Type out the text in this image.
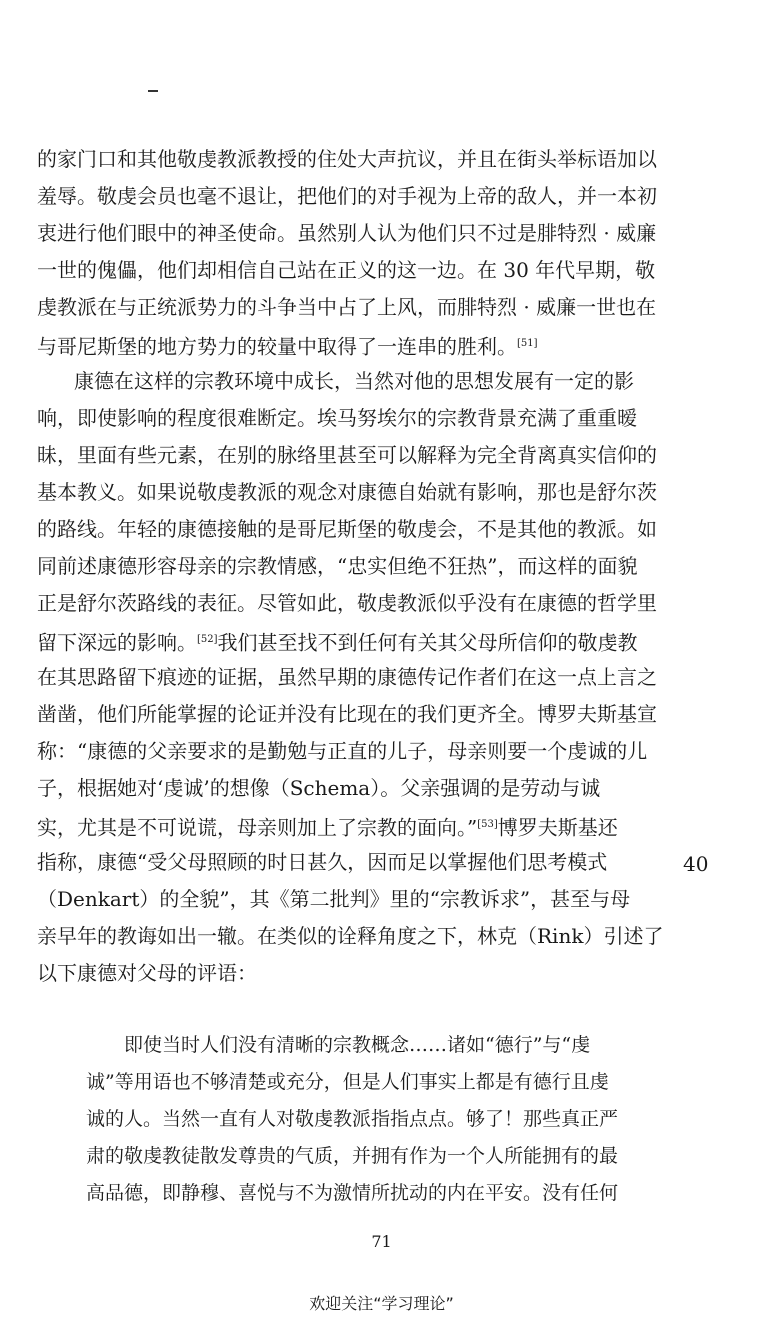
的家门口和其他敬虔教派教授的住处大声抗议，并且在街头举标语加以
羞辱。敬虔会员也毫不退让，把他们的对手视为上帝的敌人，并一本初
衷进行他们眼中的神圣使命。虽然别人认为他们只不过是腓特烈 · 威廉
一世的傀儡，他们却相信自己站在正义的这一边。在 30 年代早期，敬
虔教派在与正统派势力的斗争当中占了上风，而腓特烈 · 威廉一世也在
与哥尼斯堡的地方势力的较量中取得了一连串的胜利。[51]
康德在这样的宗教环境中成长，当然对他的思想发展有一定的影
响，即使影响的程度很难断定。埃马努埃尔的宗教背景充满了重重暧
昧，里面有些元素，在别的脉络里甚至可以解释为完全背离真实信仰的
基本教义。如果说敬虔教派的观念对康德自始就有影响，那也是舒尔茨
的路线。年轻的康德接触的是哥尼斯堡的敬虔会，不是其他的教派。如
同前述康德形容母亲的宗教情感，“忠实但绝不狂热”，而这样的面貌
正是舒尔茨路线的表征。尽管如此，敬虔教派似乎没有在康德的哲学里
留下深远的影响。[52]我们甚至找不到任何有关其父母所信仰的敬虔教
在其思路留下痕迹的证据，虽然早期的康德传记作者们在这一点上言之
凿凿，他们所能掌握的论证并没有比现在的我们更齐全。博罗夫斯基宣
称：“康德的父亲要求的是勤勉与正直的儿子，母亲则要一个虔诚的儿
子，根据她对‘虔诚’的想像（Schema）。父亲强调的是劳动与诚
实，尤其是不可说谎，母亲则加上了宗教的面向。”[53]博罗夫斯基还
指称，康德“受父母照顾的时日甚久，因而足以掌握他们思考模式
（Denkart）的全貌”，其《第二批判》里的“宗教诉求”，甚至与母
亲早年的教诲如出一辙。在类似的诠释角度之下，林克（Rink）引述了
以下康德对父母的评语：
40
即使当时人们没有清晰的宗教概念……诸如“德行”与“虔
诚”等用语也不够清楚或充分，但是人们事实上都是有德行且虔
诚的人。当然一直有人对敬虔教派指指点点。够了！那些真正严
肃的敬虔教徒散发尊贵的气质，并拥有作为一个人所能拥有的最
高品德，即静穆、喜悦与不为激情所扰动的内在平安。没有任何
71
欢迎关注“学习理论”
